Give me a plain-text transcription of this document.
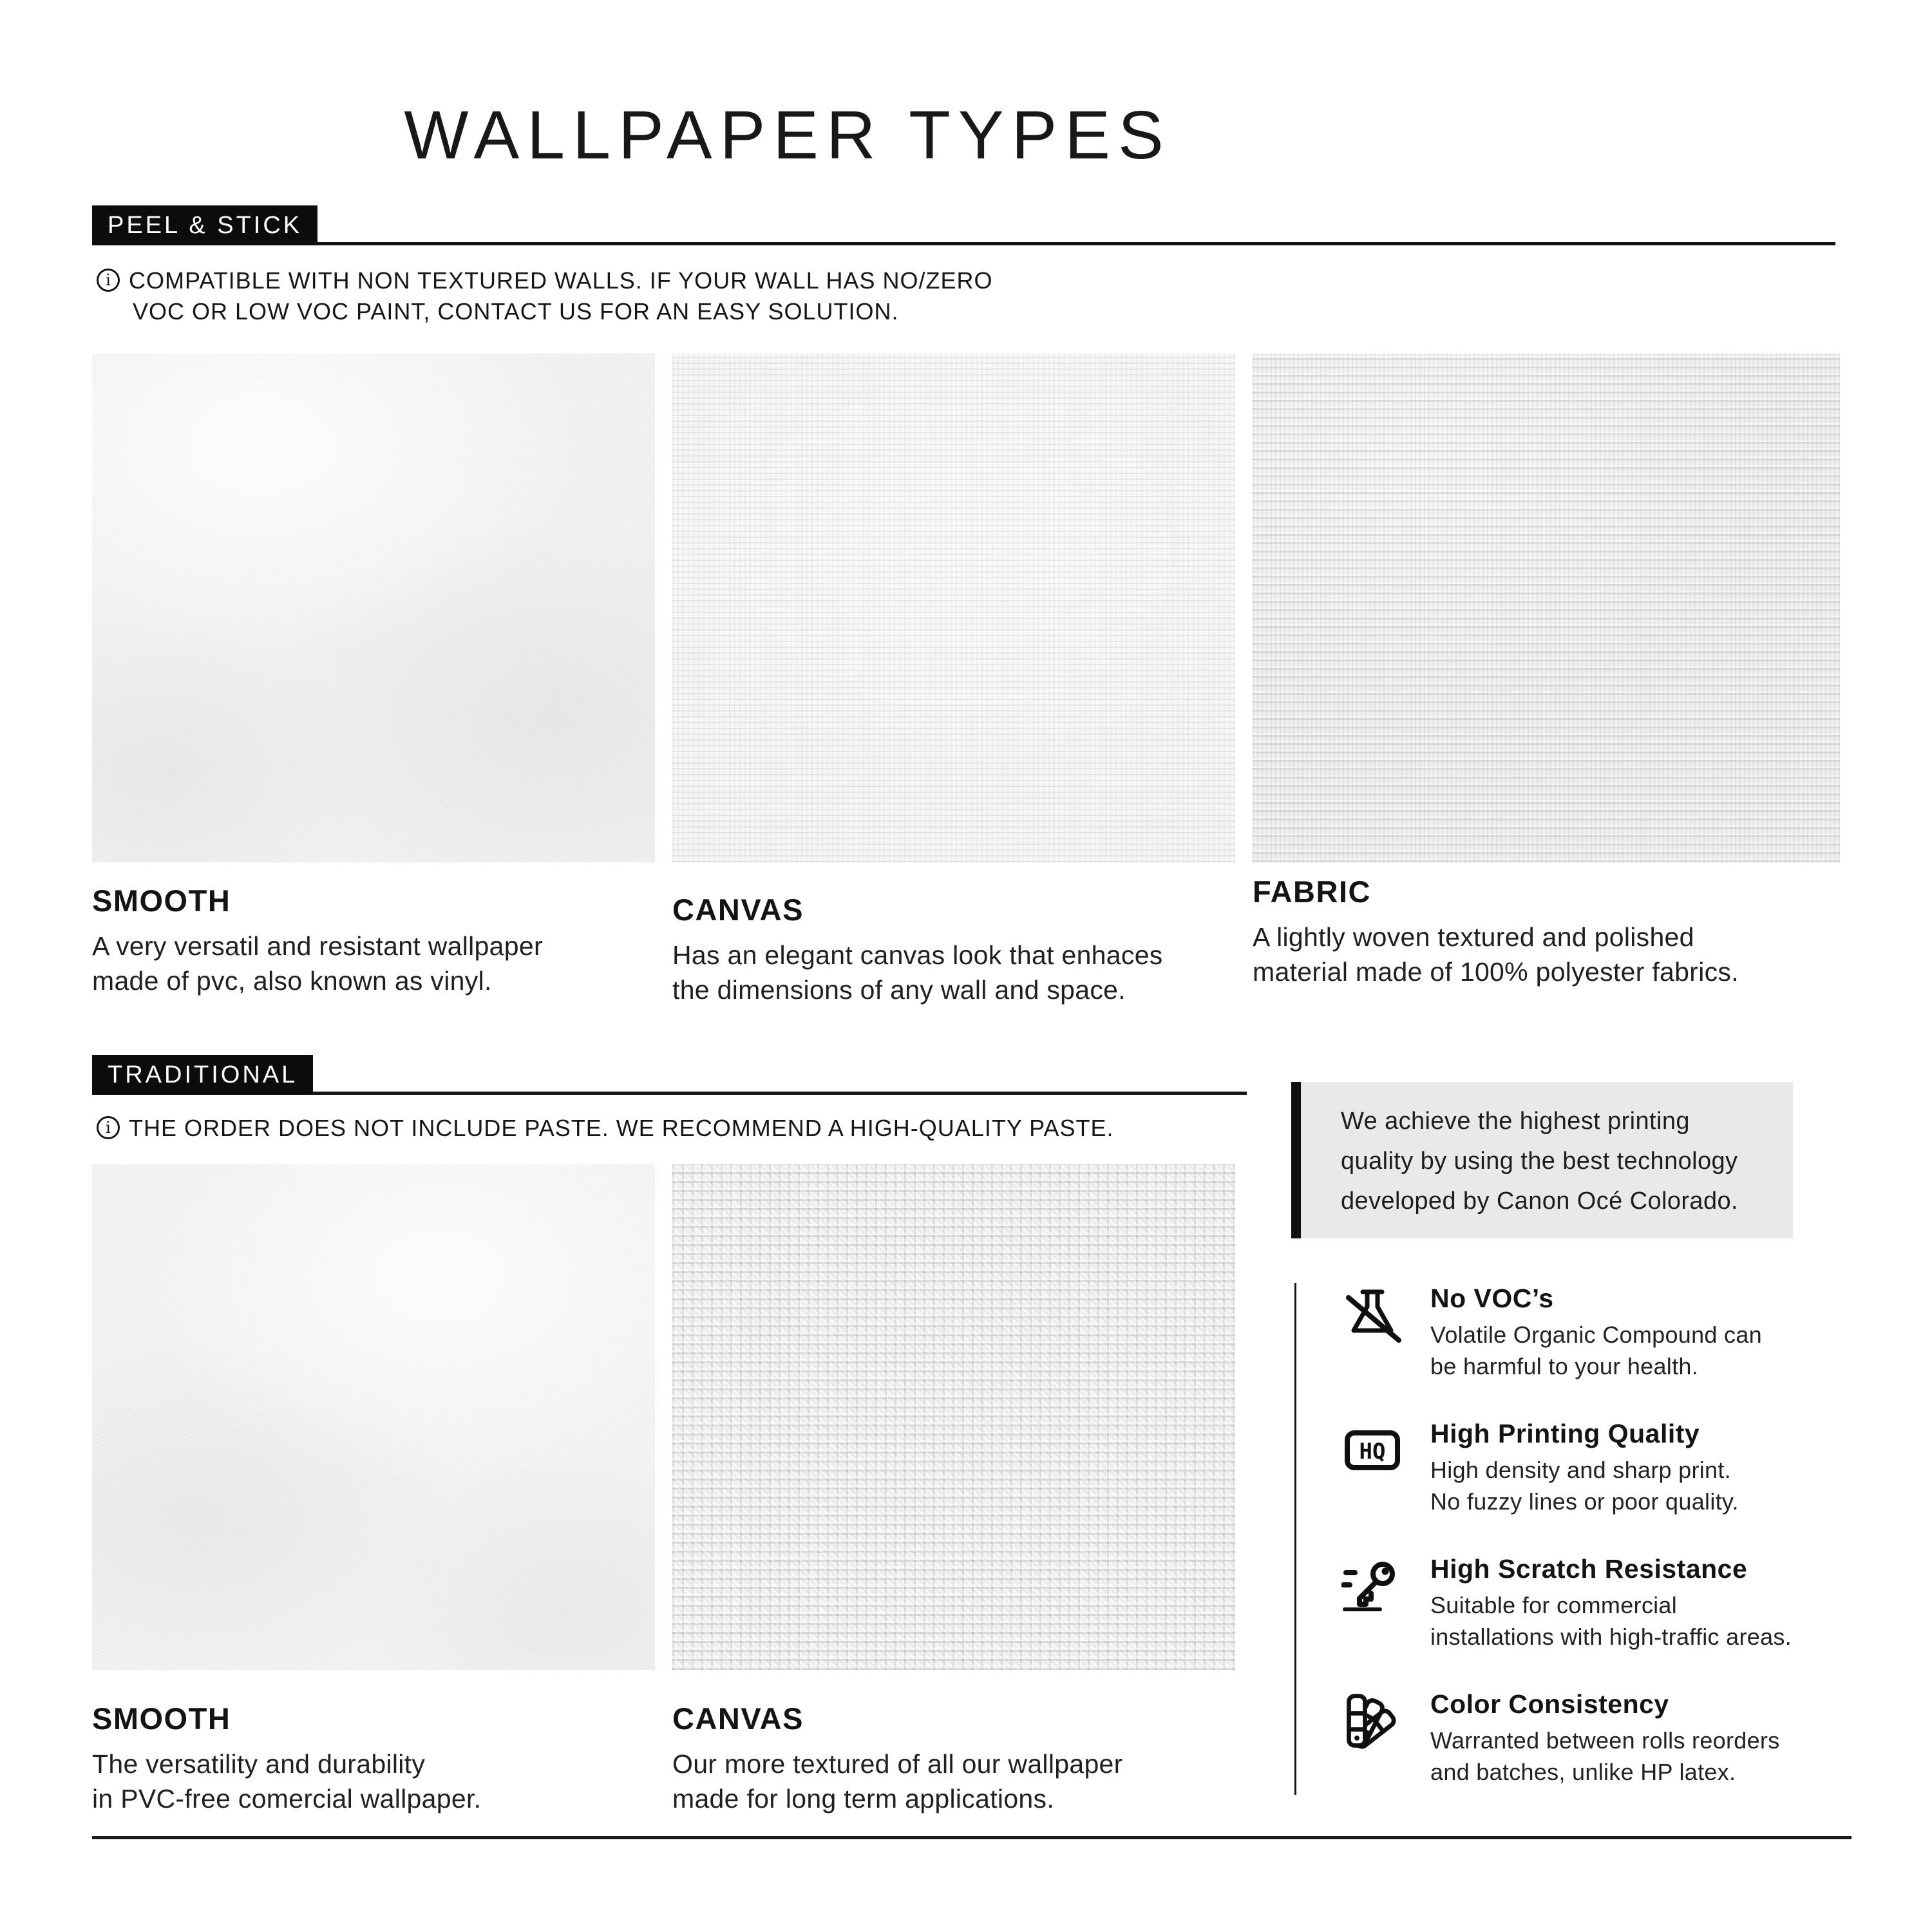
WALLPAPER TYPES
PEEL & STICK
i COMPATIBLE WITH NON TEXTURED WALLS. IF YOUR WALL HAS NO/ZERO
VOC OR LOW VOC PAINT, CONTACT US FOR AN EASY SOLUTION.
SMOOTH

A very versatil and resistant wallpaper
made of pvc, also known as vinyl.

CANVAS

Has an elegant canvas look that enhaces
the dimensions of any wall and space.

FABRIC

A lightly woven textured and polished
material made of 100% polyester fabrics.

TRADITIONAL
i THE ORDER DOES NOT INCLUDE PASTE. WE RECOMMEND A HIGH-QUALITY PASTE.
SMOOTH

The versatility and durability
in PVC-free comercial wallpaper.

CANVAS

Our more textured of all our wallpaper
made for long term applications.

We achieve the highest printing
quality by using the best technology
developed by Canon Océ Colorado.
No VOC’s
Volatile Organic Compound can
be harmful to your health.
HQ
High Printing Quality
High density and sharp print.
No fuzzy lines or poor quality.
High Scratch Resistance
Suitable for commercial
installations with high-traffic areas.
Color Consistency
Warranted between rolls reorders
and batches, unlike HP latex.
